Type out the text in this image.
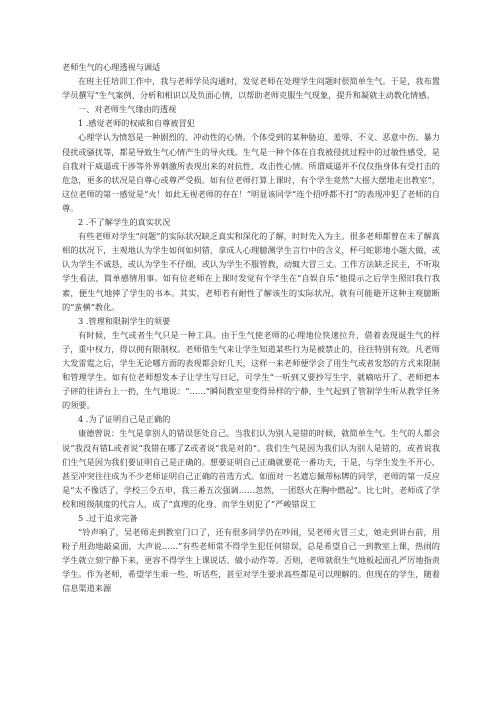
老师生气的心理透视与调适

在班主任培训工作中，我与老师学员沟通时，发觉老师在处理学生问题时很简单生气。于是，我布置学员撰写“生气案例、分析和相识以及负面心情，以帮助老师克服生气现象，提升和凝就主动教化情感。

一、对老师生气缘由的透视
1 .感觉老师的权威和自尊被冒犯

心理学认为愤怒是一种剧烈的、冲动性的心情。个体受到的某种胁迫、羞辱、不义、恶意中伤、暴力侵扰或骚扰等，都是导致生气心情产生的导火线。生气是一种个体在自我被侵扰过程中的过敏性感受，是自我对于威逼或干涉等外界刺激所表现出来的对抗性、攻击性心情。所谓威逼并不仅仅指身体有受打击的危急，更多的状况是自尊心或尊严受损。如有位老师打算上课时，有个学生竟然“大摇大摆地走出教室”，这位老师的第一感觉是“火！如此无视老师的存在！”明显该同学“连个招呼都不打”的表现冲犯了老师的自尊。

2 .不了解学生的真实状况

有些老师对学生“问题”的实际状况缺乏真实和深化的了解，时时先入为主。很多老师都曾在未了解真相的状况下，主观地认为学生如何如何错，拿成人心理臆测学生言行中的含义，杯弓蛇影地小题大做，或认为学生不诚恳，或认为学生不仔细，或认为学生不服管教，动辄大冒三丈。工作方法缺乏民主，不听取学生看法，简单感情用事。如有位老师在上课时发觉有个学生在“自娱自乐”他提示之后学生照旧我行我素，便生气地摔了学生的书本。其实，老师若有耐性了解该生的实际状况，就有可能避开这种主观臆断的“蛮横”教化。

3 .管理和限制学生的须要

有时候，生气或者生气只是一种工具。由于生气使老师的心理地位快速拉升，借着表现诞生气的样子，重中权力，得以拥有限制权。老师借生气来让学生知道某些行为是被禁止的，往往特别有效。凡老师大发雷霆之后，学生无论哪方面的表现都会好几天，这样一来老师便学会了用生气或者发怒的方式来限制和管理学生。如有位老师想发本子让学生写日记，可学生“一听到又要抄写生字，就嘀咕开了、老师把本子砰的往讲台上一扔，生气地说：“……”瞬间教室里变得异样的宁静，生气起到了管制学生听从教学任务的须要。

4 .为了证明自己是正确的

康德曾说：生气是拿别人的错误惩处自己。当我们认为别人是错的时候，就简单生气。生气的人都会说“我没有错L或者说“我错在哪了Z或者说“我是对的“。我们生气是因为我们认为别人是错的，或者说我们生气是因为我们要证明自己是正确的。想要证明自己正确就要花一番功夫，于是，与学生发生不开心，甚至冲突往往成为不少老师证明自己正确的首选方式。如面对一名遗忘佩带标牌的同学，老师的第一反应是“太不像话了，学校三令五申，我三番五次强调……忽然，一团怒火在胸中燃起“。比七时，老师成了学校和班级制度的代言人，成了“真理的化身、而学生则犯了“严峻错误工

5 .过于追求完备

“铃声响了，吴老师走到教室门口了，还有很多同学仍在吵闹，吴老师火冒三丈，她走到讲台前，用粉子用劲地敲桌面，大声说……”有些老师常不得学生犯任何错误，总是希望自己一到教室上课，热闹的学生就立刻宁静下来，更容不得学生上课说话、做小动作等。否则，老师就很生气地板起面孔严厉地指责学生。作为老师，希望学生乖一些、听话些，甚至对学生要求高些都是可以理解的。但现在的学生，随着信息渠道来源
